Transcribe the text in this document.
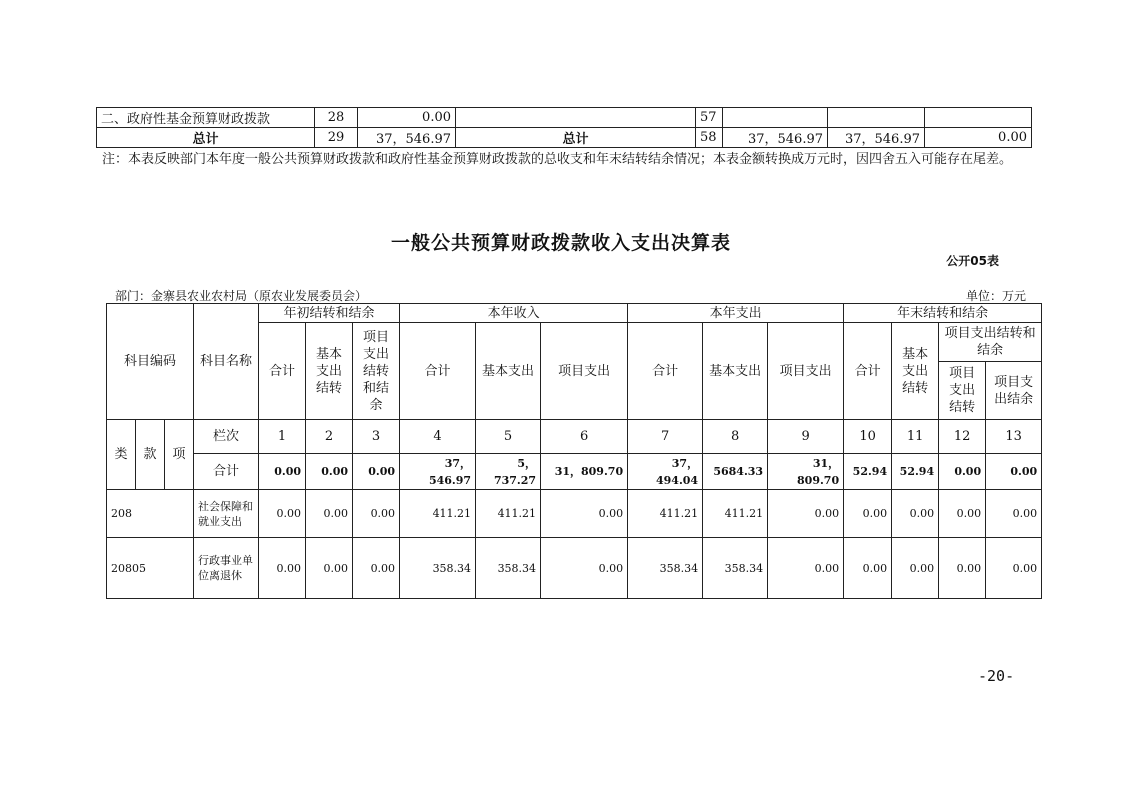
二、政府性基金预算财政拨款	28	0.00		57			
总计	29	37，546.97	总计	58	37，546.97	37，546.97	0.00
注：本表反映部门本年度一般公共预算财政拨款和政府性基金预算财政拨款的总收支和年末结转结余情况；本表金额转换成万元时，因四舍五入可能存在尾差。
一般公共预算财政拨款收入支出决算表
公开05表
部门：金寨县农业农村局（原农业发展委员会）	单位：万元
科目编码			科目名称	年初结转和结余			本年收入			本年支出			年末结转和结余			
				合计	基本支出结转	项目支出结转和结余	合计	基本支出	项目支出	合计	基本支出	项目支出	合计	基本支出结转	项目支出结转和结余	
															项目支出结转	项目支出结余
类	款	项	栏次	1	2	3	4	5	6	7	8	9	10	11	12	13
			合计	0.00	0.00	0.00	37，546.97	5，737.27	31，809.70	37，494.04	5684.33	31，809.70	52.94	52.94	0.00	0.00
208			社会保障和就业支出	0.00	0.00	0.00	411.21	411.21	0.00	411.21	411.21	0.00	0.00	0.00	0.00	0.00
20805			行政事业单位离退休	0.00	0.00	0.00	358.34	358.34	0.00	358.34	358.34	0.00	0.00	0.00	0.00	0.00
-20-
